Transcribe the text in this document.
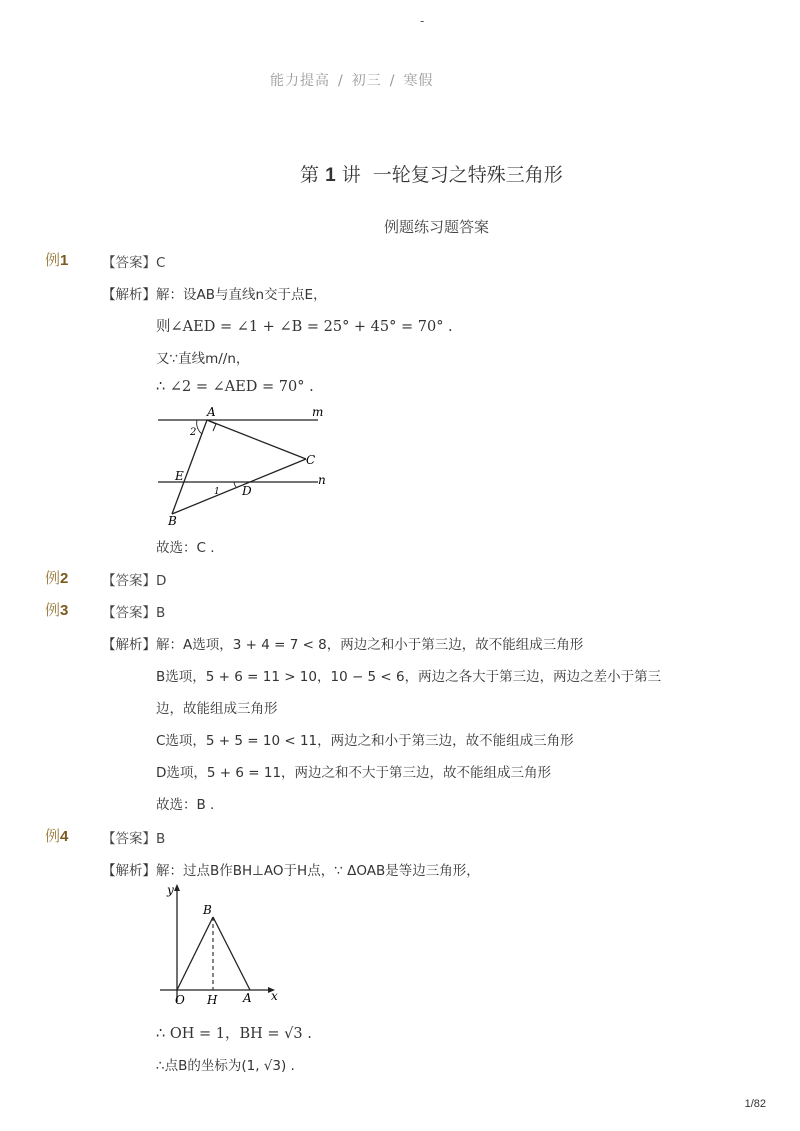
-
能力提高 / 初三 / 寒假
第 1 讲  一轮复习之特殊三角形
例题练习题答案
例1 【答案】C
【解析】解：设AB与直线n交于点E，
则∠AED = ∠1 + ∠B = 25° + 45° = 70° .
又∵直线m//n，
∴ ∠2 = ∠AED = 70° .
A	m
2
C
E	n
1 D
B
故选：C .
例2 【答案】D
例3 【答案】B
【解析】解：A选项，3 + 4 = 7 < 8，两边之和小于第三边，故不能组成三角形
B选项，5 + 6 = 11 > 10，10 − 5 < 6，两边之各大于第三边，两边之差小于第三
边，故能组成三角形
C选项，5 + 5 = 10 < 11，两边之和小于第三边，故不能组成三角形
D选项，5 + 6 = 11，两边之和不大于第三边，故不能组成三角形
故选：B .
例4 【答案】B
【解析】解：过点B作BH⊥AO于H点，∵ ΔOAB是等边三角形，
y
B
O H A x
∴ OH = 1，BH = √3 .
∴点B的坐标为(1, √3) .
1/82
